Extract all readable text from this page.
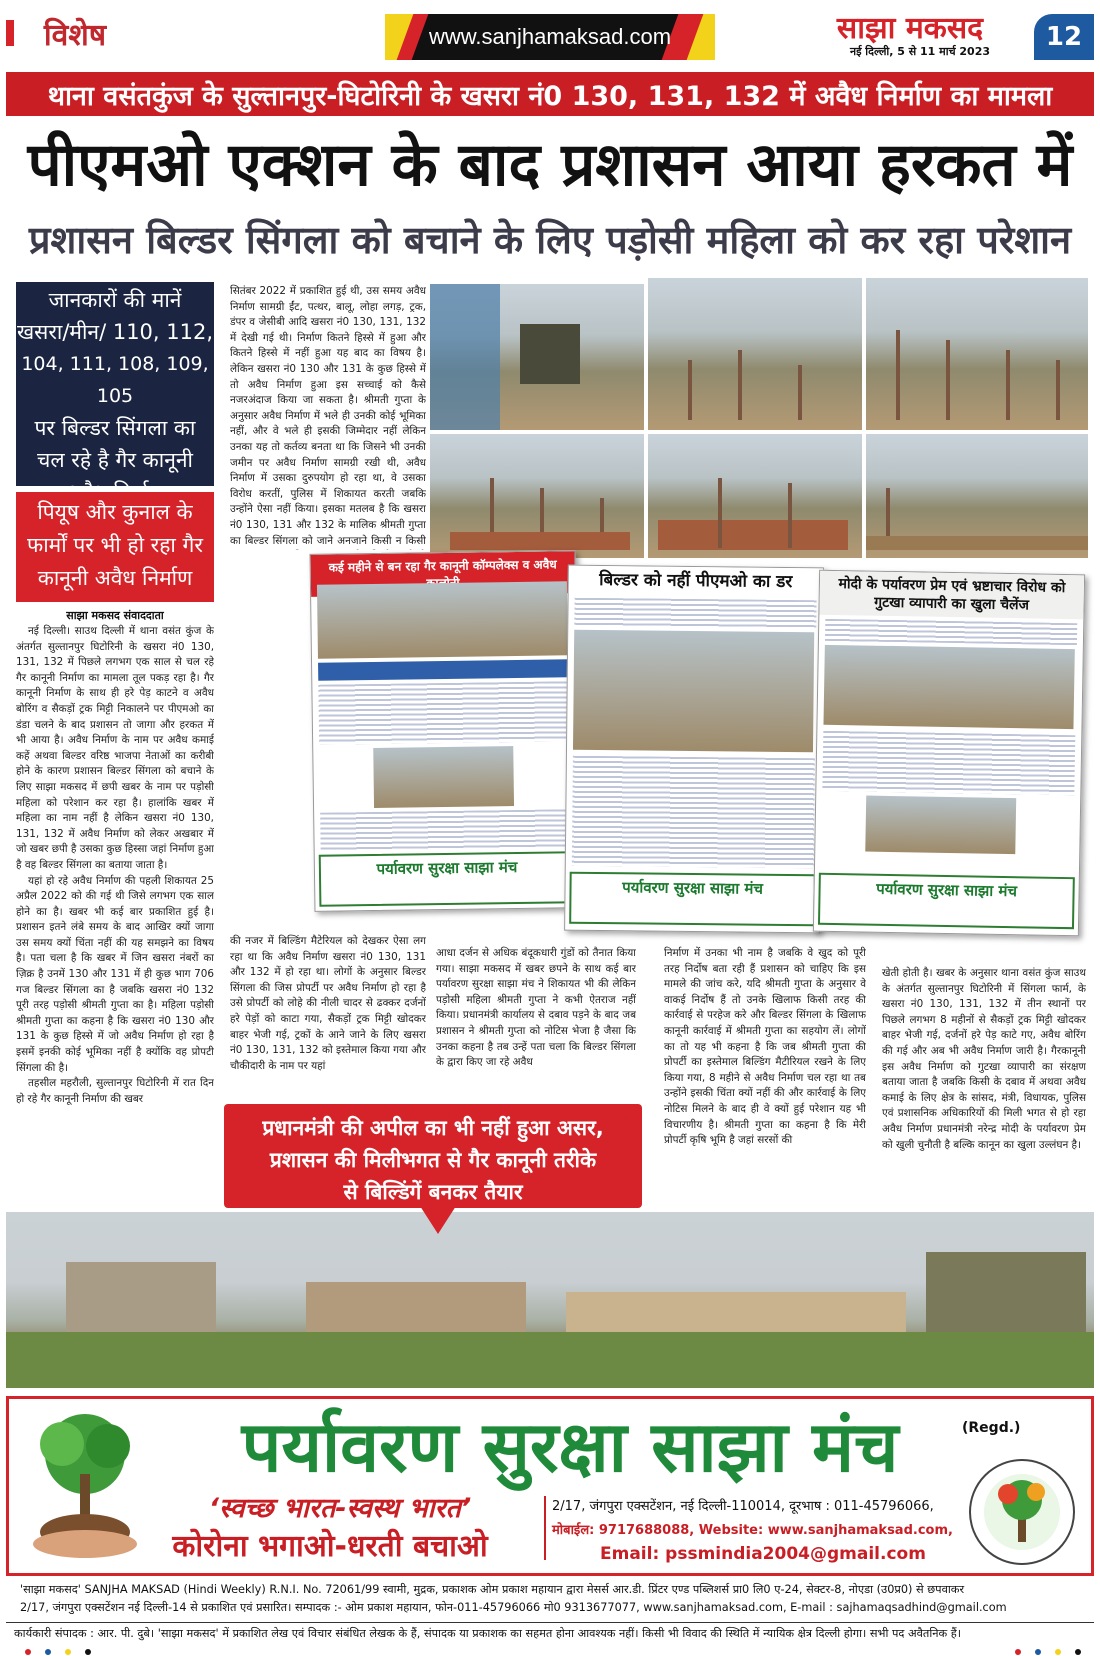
विशेष	www.sanjhamaksad.com	साझा मकसद
नई दिल्ली, 5 से 11 मार्च 2023	12
थाना वसंतकुंज के सुल्तानपुर-घिटोरिनी के खसरा नं0 130, 131, 132 में अवैध निर्माण का मामला
पीएमओ एक्शन के बाद प्रशासन आया हरकत में
प्रशासन बिल्डर सिंगला को बचाने के लिए पड़ोसी महिला को कर रहा परेशान
जानकारों की मानें
खसरा/मीन/ 110, 112,
104, 111, 108, 109, 105
पर बिल्डर सिंगला का
चल रहे है गैर कानूनी
पियूष और कुनाल के
फार्मों पर भी हो रहा गैर
कानूनी अवैध निर्माण
साझा मकसद संवाददाता

नई दिल्ली। साउथ दिल्ली में थाना वसंत कुंज के अंतर्गत सुल्तानपुर घिटोरिनी के खसरा नं0 130, 131, 132 में पिछले लगभग एक साल से चल रहे गैर कानूनी निर्माण का मामला तूल पकड़ रहा है। गैर कानूनी निर्माण के साथ ही हरे पेड़ काटने व अवैध बोरिंग व सैकड़ों ट्रक मिट्टी निकालने पर पीएमओ का डंडा चलने के बाद प्रशासन तो जागा और हरकत में भी आया है। अवैध निर्माण के नाम पर अवैध कमाई कहें अथवा बिल्डर वरिष्ठ भाजपा नेताओं का करीबी होने के कारण प्रशासन बिल्डर सिंगला को बचाने के लिए साझा मकसद में छपी खबर के नाम पर पड़ोसी महिला को परेशान कर रहा है। हालांकि खबर में महिला का नाम नहीं है लेकिन खसरा नं0 130, 131, 132 में अवैध निर्माण को लेकर अखबार में जो खबर छपी है उसका कुछ हिस्सा जहां निर्माण हुआ है वह बिल्डर सिंगला का बताया जाता है।

यहां हो रहे अवैध निर्माण की पहली शिकायत 25 अप्रैल 2022 को की गई थी जिसे लगभग एक साल होने का है। खबर भी कई बार प्रकाशित हुई है। प्रशासन इतने लंबे समय के बाद आखिर क्यों जागा उस समय क्यों चिंता नहीं की यह समझने का विषय है। पता चला है कि खबर में जिन खसरा नंबरों का ज़िक्र है उनमें 130 और 131 में ही कुछ भाग 706 गज बिल्डर सिंगला का है जबकि खसरा नं0 132 पूरी तरह पड़ोसी श्रीमती गुप्ता का है। महिला पड़ोसी श्रीमती गुप्ता का कहना है कि खसरा नं0 130 और 131 के कुछ हिस्से में जो अवैध निर्माण हो रहा है इसमें इनकी कोई भूमिका नहीं है क्योंकि वह प्रोपटी सिंगला की है।

तहसील महरौली, सुल्तानपुर घिटोरिनी में रात दिन हो रहे गैर कानूनी निर्माण की खबर

सितंबर 2022 में प्रकाशित हुई थी, उस समय अवैध निर्माण सामग्री ईंट, पत्थर, बालू, लोहा लगड़, ट्रक, डंपर व जेसीबी आदि खसरा नं0 130, 131, 132 में देखी गई थी। निर्माण कितने हिस्से में हुआ और कितने हिस्से में नहीं हुआ यह बाद का विषय है। लेकिन खसरा नं0 130 और 131 के कुछ हिस्से में तो अवैध निर्माण हुआ इस सच्चाई को कैसे नजरअंदाज किया जा सकता है। श्रीमती गुप्ता के अनुसार अवैध निर्माण में भले ही उनकी कोई भूमिका नहीं, और वे भले ही इसकी जिम्मेदार नहीं लेकिन उनका यह तो कर्तव्य बनता था कि जिसने भी उनकी जमीन पर अवैध निर्माण सामग्री रखी थी, अवैध निर्माण में उसका दुरुपयोग हो रहा था, वे उसका विरोध करतीं, पुलिस में शिकायत करती जबकि उन्होंने ऐसा नहीं किया। इसका मतलब है कि खसरा नं0 130, 131 और 132 के मालिक श्रीमती गुप्ता का बिल्डर सिंगला को जाने अनजाने किसी न किसी

की नजर में बिल्डिंग मैटेरियल को देखकर ऐसा लग रहा था कि अवैध निर्माण खसरा नं0 130, 131 और 132 में हो रहा था। लोगों के अनुसार बिल्डर सिंगला की जिस प्रोपर्टी पर अवैध निर्माण हो रहा है उसे प्रोपर्टी को लोहे की नीली चादर से ढक्कर दर्जनों हरे पेड़ों को काटा गया, सैकड़ों ट्रक मिट्टी खोदकर बाहर भेजी गई, ट्रकों के आने जाने के लिए खसरा नं0 130, 131, 132 को इस्तेमाल किया गया और चौकीदारी के नाम पर यहां

आधा दर्जन से अधिक बंदूकधारी गुंडों को तैनात किया गया। साझा मकसद में खबर छपने के साथ कई बार पर्यावरण सुरक्षा साझा मंच ने शिकायत भी की लेकिन पड़ोसी महिला श्रीमती गुप्ता ने कभी ऐतराज नहीं किया। प्रधानमंत्री कार्यालय से दबाव पड़ने के बाद जब प्रशासन ने श्रीमती गुप्ता को नोटिस भेजा है जैसा कि उनका कहना है तब उन्हें पता चला कि बिल्डर सिंगला के द्वारा किए जा रहे अवैध

निर्माण में उनका भी नाम है जबकि वे खुद को पूरी तरह निर्दोष बता रही हैं प्रशासन को चाहिए कि इस मामले की जांच करे, यदि श्रीमती गुप्ता के अनुसार वे वाकई निर्दोष हैं तो उनके खिलाफ किसी तरह की कार्रवाई से परहेज करे और बिल्डर सिंगला के खिलाफ कानूनी कार्रवाई में श्रीमती गुप्ता का सहयोग लें। लोगों का तो यह भी कहना है कि जब श्रीमती गुप्ता की प्रोपर्टी का इस्तेमाल बिल्डिंग मैटीरियल रखने के लिए किया गया, 8 महीने से अवैध निर्माण चल रहा था तब उन्होंने इसकी चिंता क्यों नहीं की और कार्रवाई के लिए नोटिस मिलने के बाद ही वे क्यों हुई परेशान यह भी विचारणीय है। श्रीमती गुप्ता का कहना है कि मेरी प्रोपर्टी कृषि भूमि है जहां सरसों की

खेती होती है। खबर के अनुसार थाना वसंत कुंज साउथ के अंतर्गत सुल्तानपुर घिटोरिनी में सिंगला फार्म, के खसरा नं0 130, 131, 132 में तीन स्थानों पर पिछले लगभग 8 महीनों से सैकड़ों ट्रक मिट्टी खोदकर बाहर भेजी गई, दर्जनों हरे पेड़ काटे गए, अवैध बोरिंग की गई और अब भी अवैध निर्माण जारी है। गैरकानूनी इस अवैध निर्माण को गुटखा व्यापारी का संरक्षण बताया जाता है जबकि किसी के दबाव में अथवा अवैध कमाई के लिए क्षेत्र के सांसद, मंत्री, विधायक, पुलिस एवं प्रशासनिक अधिकारियों की मिली भगत से हो रहा अवैध निर्माण प्रधानमंत्री नरेन्द्र मोदी के पर्यावरण प्रेम को खुली चुनौती है बल्कि कानून का खुला उल्लंघन है।

कई महीने से बन रहा गैर कानूनी कॉम्पलेक्स व अवैध
पर्यावरण सुरक्षा साझा मंच
बिल्डर को नहीं पीएमओ का डर
पर्यावरण सुरक्षा साझा मंच
मोदी के पर्यावरण प्रेम एवं भ्रष्टाचार विरोध को गुटखा व्यापारी का खुला चैलेंज
पर्यावरण सुरक्षा साझा मंच
प्रधानमंत्री की अपील का भी नहीं हुआ असर,
प्रशासन की मिलीभगत से गैर कानूनी तरीके
से बिल्डिंगें बनकर तैयार
पर्यावरण सुरक्षा साझा मंच	(Regd.)
‘स्वच्छ भारत-स्वस्थ भारत’
कोरोना भगाओ-धरती बचाओ
2/17, जंगपुरा एक्सटेंशन, नई दिल्ली-110014, दूरभाष : 011-45796066,
मोबाईल: 9717688088, Website: www.sanjhamaksad.com,
Email: pssmindia2004@gmail.com
'साझा मकसद' SANJHA MAKSAD (Hindi Weekly) R.N.I. No. 72061/99 स्वामी, मुद्रक, प्रकाशक ओम प्रकाश महायान द्वारा मेसर्स आर.डी. प्रिंटर एण्ड पब्लिशर्स प्रा0 लि0 ए-24, सेक्टर-8, नोएडा (उ0प्र0) से छपवाकर
2/17, जंगपुरा एक्सटेंशन नई दिल्ली-14 से प्रकाशित एवं प्रसारित। सम्पादक :- ओम प्रकाश महायान, फोन-011-45796066 मो0 9313677077, www.sanjhamaksad.com, E-mail : sajhamaqsadhind@gmail.com
कार्यकारी संपादक : आर. पी. दुबे। 'साझा मकसद' में प्रकाशित लेख एवं विचार संबंधित लेखक के हैं, संपादक या प्रकाशक का सहमत होना आवश्यक नहीं। किसी भी विवाद की स्थिति में न्यायिक क्षेत्र दिल्ली होगा। सभी पद अवैतनिक हैं।
